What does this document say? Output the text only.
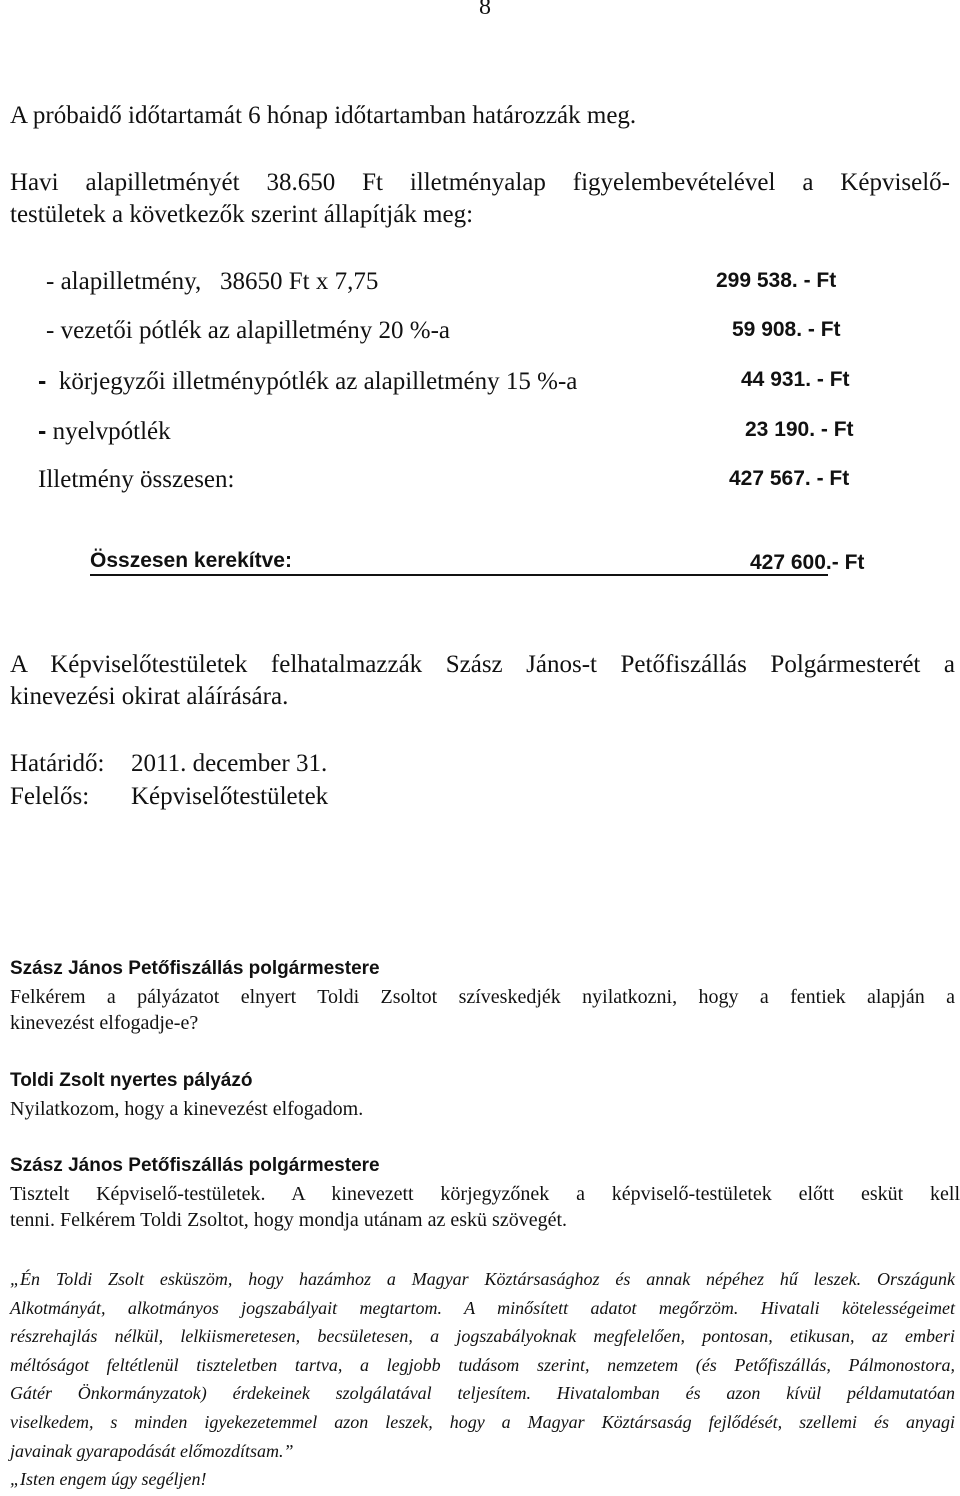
8
A próbaidő időtartamát 6 hónap időtartamban határozzák meg.
Havi alapilletményét 38.650 Ft illetményalap figyelembevételével a Képviselő-
testületek a következők szerint állapítják meg:
- alapilletmény,   38650 Ft x 7,75	299 538. - Ft
- vezetői pótlék az alapilletmény 20 %-a	59 908. - Ft
- körjegyzői illetménypótlék az alapilletmény 15 %-a	44 931. - Ft
- nyelvpótlék	23 190. - Ft
Illetmény összesen:	427 567. - Ft
Összesen kerekítve:	427 600.- Ft
A Képviselőtestületek felhatalmazzák Szász János-t Petőfiszállás Polgármesterét a
kinevezési okirat aláírására.
Határidő: 2011. december 31.
Felelős: Képviselőtestületek
Szász János Petőfiszállás polgármestere
Felkérem a pályázatot elnyert Toldi Zsoltot szíveskedjék nyilatkozni, hogy a fentiek alapján a
kinevezést elfogadje-e?
Toldi Zsolt nyertes pályázó
Nyilatkozom, hogy a kinevezést elfogadom.
Szász János Petőfiszállás polgármestere
Tisztelt Képviselő-testületek. A kinevezett körjegyzőnek a képviselő-testületek előtt esküt kell
tenni. Felkérem Toldi Zsoltot, hogy mondja utánam az eskü szövegét.
„Én Toldi Zsolt esküszöm, hogy hazámhoz a Magyar Köztársasághoz és annak népéhez hű leszek. Országunk
Alkotmányát, alkotmányos jogszabályait megtartom. A minősített adatot megőrzöm. Hivatali kötelességeimet
részrehajlás nélkül, lelkiismeretesen, becsületesen, a jogszabályoknak megfelelően, pontosan, etikusan, az emberi
méltóságot feltétlenül tiszteletben tartva, a legjobb tudásom szerint, nemzetem (és Petőfiszállás, Pálmonostora,
Gátér Önkormányzatok) érdekeinek szolgálatával teljesítem. Hivatalomban és azon kívül példamutatóan
viselkedem, s minden igyekezetemmel azon leszek, hogy a Magyar Köztársaság fejlődését, szellemi és anyagi
javainak gyarapodását előmozdítsam.”
„Isten engem úgy segéljen!
